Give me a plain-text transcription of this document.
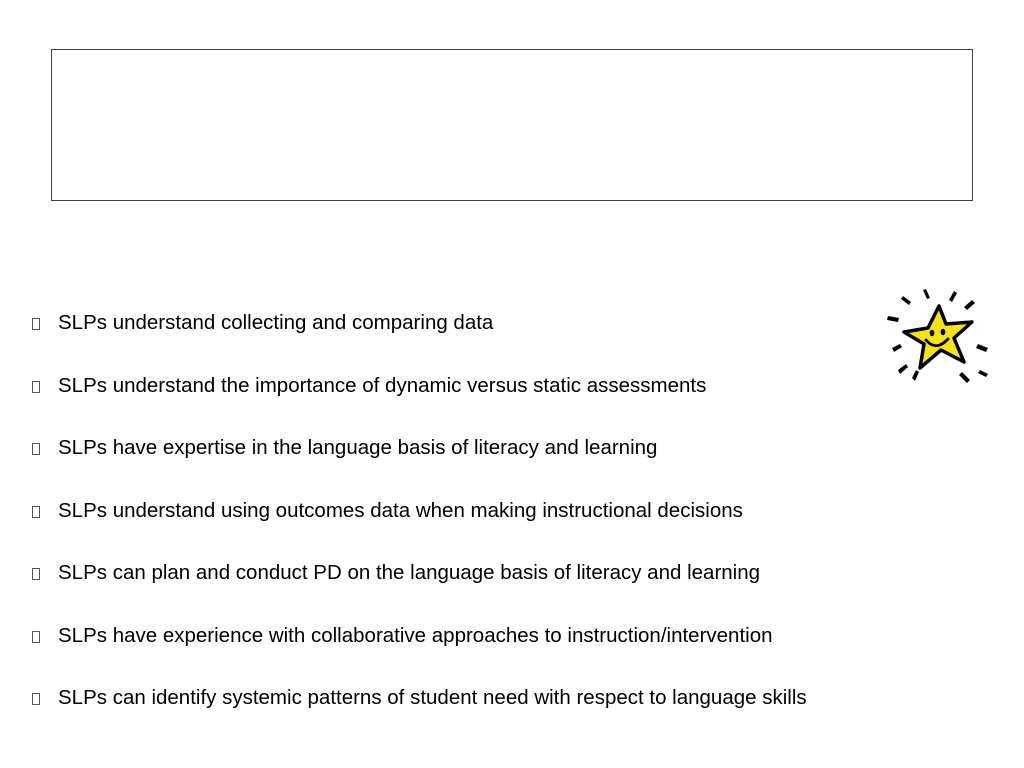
SLPs understand collecting and comparing data
SLPs understand the importance of dynamic versus static assessments
SLPs have expertise in the language basis of literacy and learning
SLPs understand using outcomes data when making instructional decisions
SLPs can plan and conduct PD on the language basis of literacy and learning
SLPs have experience with collaborative approaches to instruction/intervention
SLPs can identify systemic patterns of student need with respect to language skills
